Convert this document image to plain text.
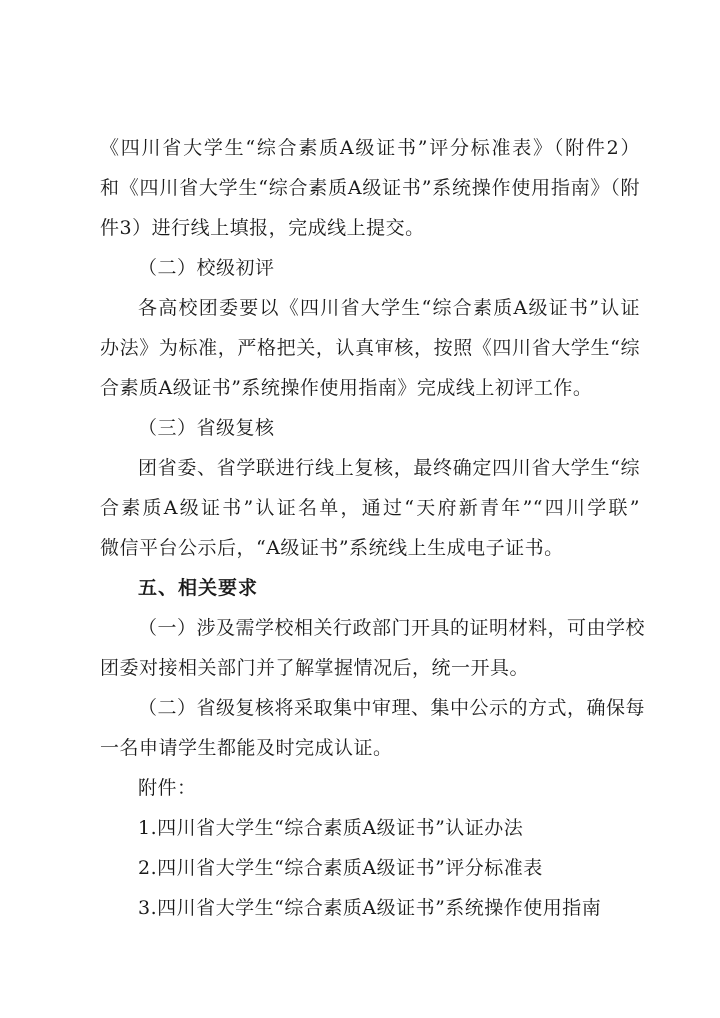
《四川省大学生“综合素质A级证书”评分标准表》（附件2）
和《四川省大学生“综合素质A级证书”系统操作使用指南》（附
件3）进行线上填报，完成线上提交。
（二）校级初评
各高校团委要以《四川省大学生“综合素质A级证书”认证
办法》为标准，严格把关，认真审核，按照《四川省大学生“综
合素质A级证书”系统操作使用指南》完成线上初评工作。
（三）省级复核
团省委、省学联进行线上复核，最终确定四川省大学生“综
合素质A级证书”认证名单，通过“天府新青年”“四川学联”
微信平台公示后，“A级证书”系统线上生成电子证书。
五、相关要求
（一）涉及需学校相关行政部门开具的证明材料，可由学校
团委对接相关部门并了解掌握情况后，统一开具。
（二）省级复核将采取集中审理、集中公示的方式，确保每
一名申请学生都能及时完成认证。
附件：
1.四川省大学生“综合素质A级证书”认证办法
2.四川省大学生“综合素质A级证书”评分标准表
3.四川省大学生“综合素质A级证书”系统操作使用指南
